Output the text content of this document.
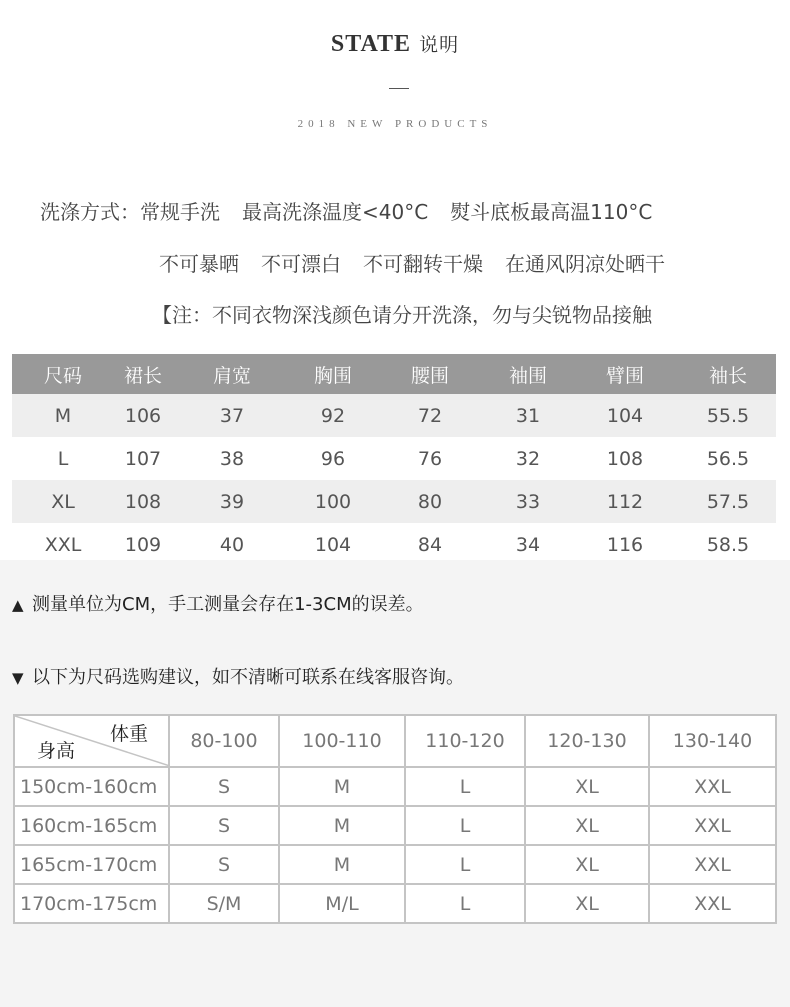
STATE 说明
2018 NEW PRODUCTS
洗涤方式：常规手洗 最高洗涤温度<40°C 熨斗底板最高温110°C
不可暴晒 不可漂白 不可翻转干燥 在通风阴凉处晒干
【注：不同衣物深浅颜色请分开洗涤，勿与尖锐物品接触
尺码	裙长	肩宽	胸围	腰围	袖围	臂围	袖长
M	106	37	92	72	31	104	55.5
L	107	38	96	76	32	108	56.5
XL	108	39	100	80	33	112	57.5
XXL	109	40	104	84	34	116	58.5
▲ 测量单位为CM，手工测量会存在1-3CM的误差。
▼ 以下为尺码选购建议，如不清晰可联系在线客服咨询。
体重
身高	80-100	100-110	110-120	120-130	130-140
150cm-160cm	S	M	L	XL	XXL
160cm-165cm	S	M	L	XL	XXL
165cm-170cm	S	M	L	XL	XXL
170cm-175cm	S/M	M/L	L	XL	XXL
